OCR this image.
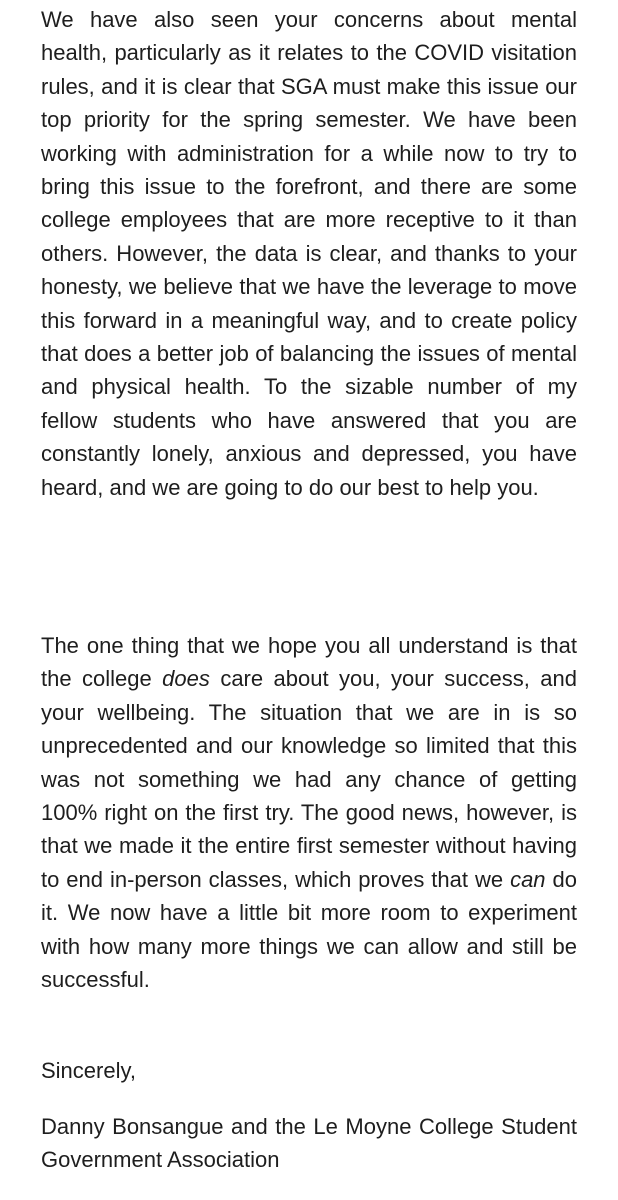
We have also seen your concerns about mental health, particularly as it relates to the COVID visitation rules, and it is clear that SGA must make this issue our top priority for the spring semester. We have been working with administration for a while now to try to bring this issue to the forefront, and there are some college employees that are more receptive to it than others. However, the data is clear, and thanks to your honesty, we believe that we have the leverage to move this forward in a meaningful way, and to create policy that does a better job of balancing the issues of mental and physical health. To the sizable number of my fellow students who have answered that you are constantly lonely, anxious and depressed, you have heard, and we are going to do our best to help you.

The one thing that we hope you all understand is that the college does care about you, your success, and your wellbeing. The situation that we are in is so unprecedented and our knowledge so limited that this was not something we had any chance of getting 100% right on the first try. The good news, however, is that we made it the entire first semester without having to end in-person classes, which proves that we can do it. We now have a little bit more room to experiment with how many more things we can allow and still be successful.

Sincerely,

Danny Bonsangue and the Le Moyne College Student Government Association
